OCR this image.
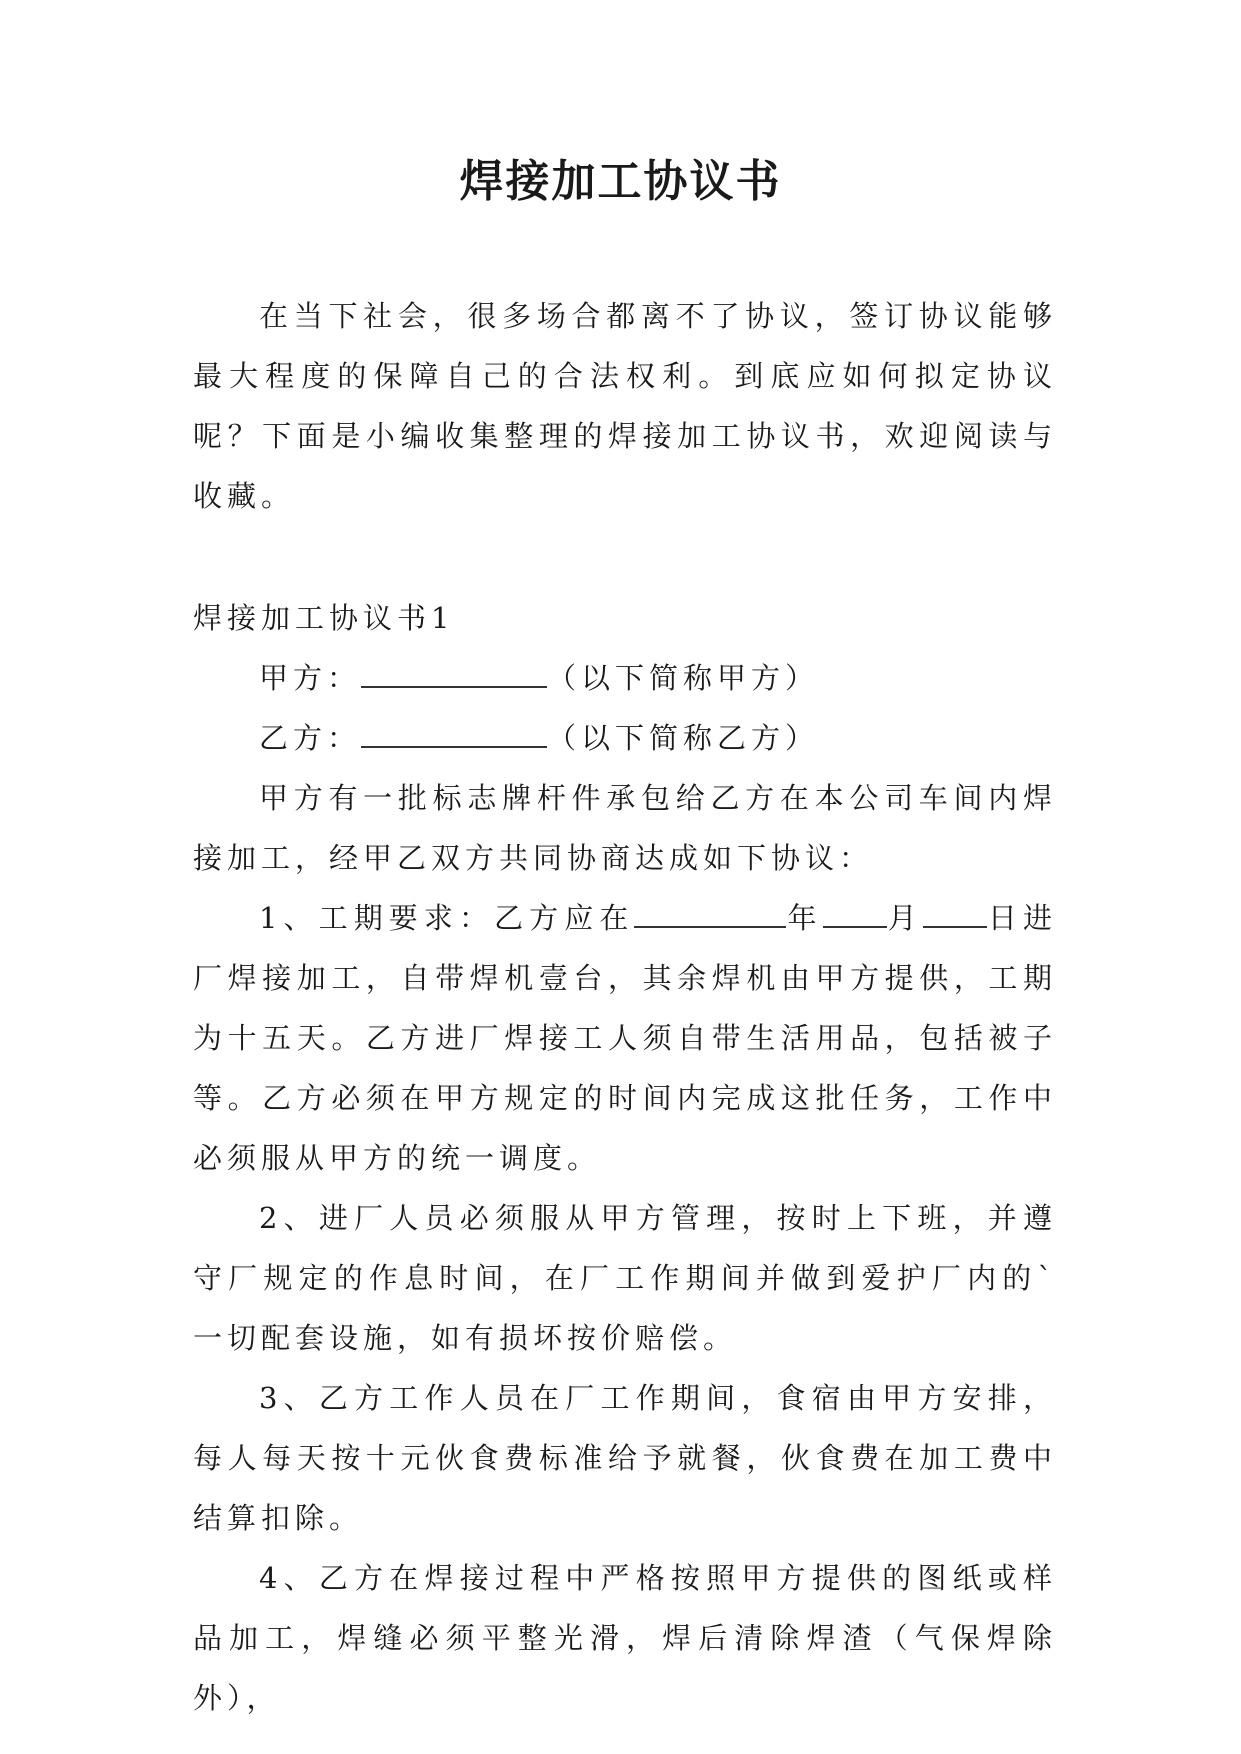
焊接加工协议书

在当下社会，很多场合都离不了协议，签订协议能够最大程度的保障自己的合法权利。到底应如何拟定协议呢？下面是小编收集整理的焊接加工协议书，欢迎阅读与收藏。

焊接加工协议书1

甲方：	（以下简称甲方）

乙方：	（以下简称乙方）

甲方有一批标志牌杆件承包给乙方在本公司车间内焊接加工，经甲乙双方共同协商达成如下协议：

1、工期要求：乙方应在	年 月 日进厂焊接加工，自带焊机壹台，其余焊机由甲方提供，工期为十五天。乙方进厂焊接工人须自带生活用品，包括被子等。乙方必须在甲方规定的时间内完成这批任务，工作中必须服从甲方的统一调度。

2、进厂人员必须服从甲方管理，按时上下班，并遵守厂规定的作息时间，在厂工作期间并做到爱护厂内的`一切配套设施，如有损坏按价赔偿。

3、乙方工作人员在厂工作期间，食宿由甲方安排，每人每天按十元伙食费标准给予就餐，伙食费在加工费中结算扣除。

4、乙方在焊接过程中严格按照甲方提供的图纸或样品加工，焊缝必须平整光滑，焊后清除焊渣（气保焊除外），
